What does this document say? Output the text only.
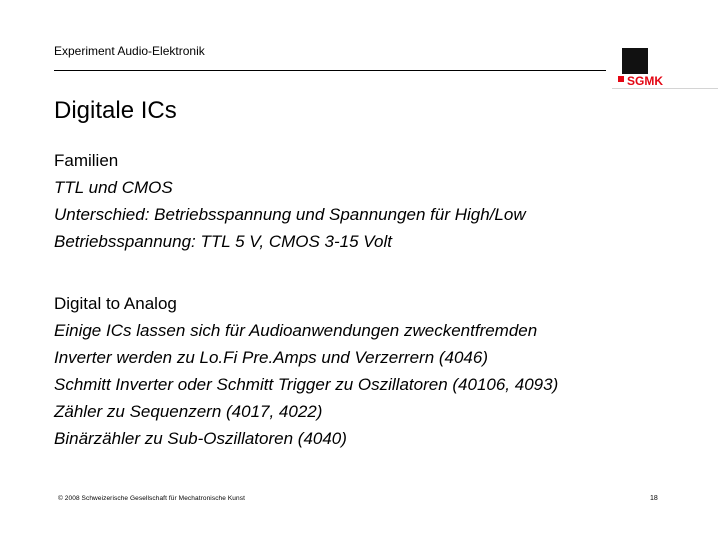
Experiment Audio-Elektronik
SGMK
Digitale ICs
Familien
TTL und CMOS
Unterschied: Betriebsspannung und Spannungen für High/Low
Betriebsspannung: TTL 5 V, CMOS 3-15 Volt
Digital to Analog
Einige ICs lassen sich für Audioanwendungen zweckentfremden
Inverter werden zu Lo.Fi Pre.Amps und Verzerrern (4046)
Schmitt Inverter oder Schmitt Trigger zu Oszillatoren (40106, 4093)
Zähler zu Sequenzern (4017, 4022)
Binärzähler zu Sub-Oszillatoren (4040)
© 2008 Schweizerische Gesellschaft für Mechatronische Kunst	18
